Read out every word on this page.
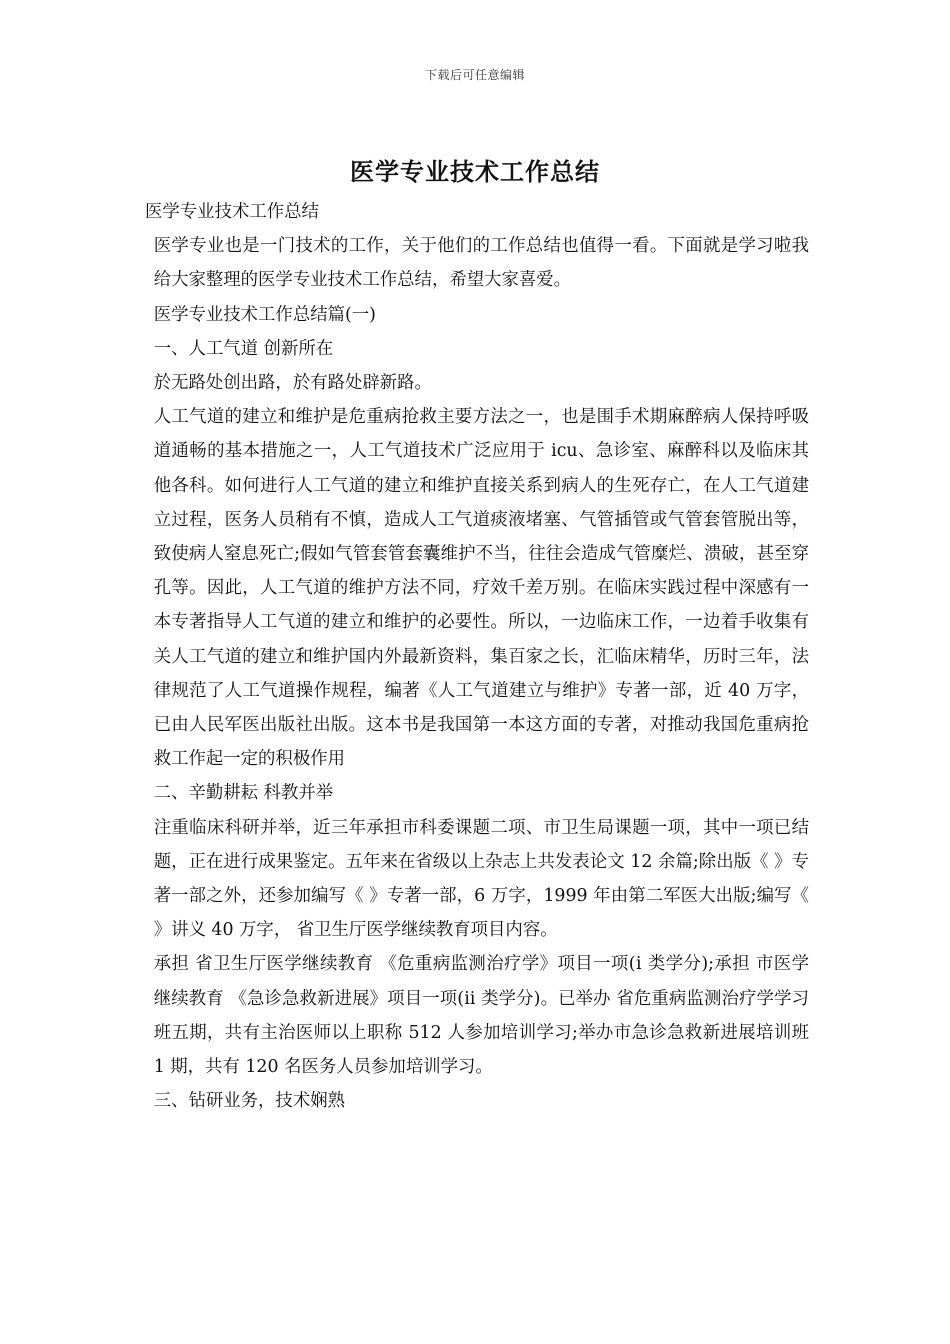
下载后可任意编辑
医学专业技术工作总结

医学专业技术工作总结

医学专业也是一门技术的工作，关于他们的工作总结也值得一看。下面就是学习啦我给大家整理的医学专业技术工作总结，希望大家喜爱。

医学专业技术工作总结篇(一)

一、人工气道 创新所在

於无路处创出路，於有路处辟新路。

人工气道的建立和维护是危重病抢救主要方法之一，也是围手术期麻醉病人保持呼吸道通畅的基本措施之一，人工气道技术广泛应用于 icu、急诊室、麻醉科以及临床其他各科。如何进行人工气道的建立和维护直接关系到病人的生死存亡，在人工气道建立过程，医务人员稍有不慎，造成人工气道痰液堵塞、气管插管或气管套管脱出等，致使病人窒息死亡;假如气管套管套囊维护不当，往往会造成气管糜烂、溃破，甚至穿孔等。因此，人工气道的维护方法不同，疗效千差万别。在临床实践过程中深感有一本专著指导人工气道的建立和维护的必要性。所以，一边临床工作，一边着手收集有关人工气道的建立和维护国内外最新资料，集百家之长，汇临床精华，历时三年，法律规范了人工气道操作规程，编著《人工气道建立与维护》专著一部，近 40 万字，已由人民军医出版社出版。这本书是我国第一本这方面的专著，对推动我国危重病抢救工作起一定的积极作用

二、辛勤耕耘 科教并举

注重临床科研并举，近三年承担市科委课题二项、市卫生局课题一项，其中一项已结题，正在进行成果鉴定。五年来在省级以上杂志上共发表论文 12 余篇;除出版《 》专著一部之外，还参加编写《 》专著一部，6 万字，1999 年由第二军医大出版;编写《 》讲义 40 万字， 省卫生厅医学继续教育项目内容。

承担 省卫生厅医学继续教育 《危重病监测治疗学》项目一项(ⅰ 类学分);承担 市医学继续教育 《急诊急救新进展》项目一项(ⅱ 类学分)。已举办 省危重病监测治疗学学习班五期，共有主治医师以上职称 512 人参加培训学习;举办市急诊急救新进展培训班 1 期，共有 120 名医务人员参加培训学习。

三、钻研业务，技术娴熟
